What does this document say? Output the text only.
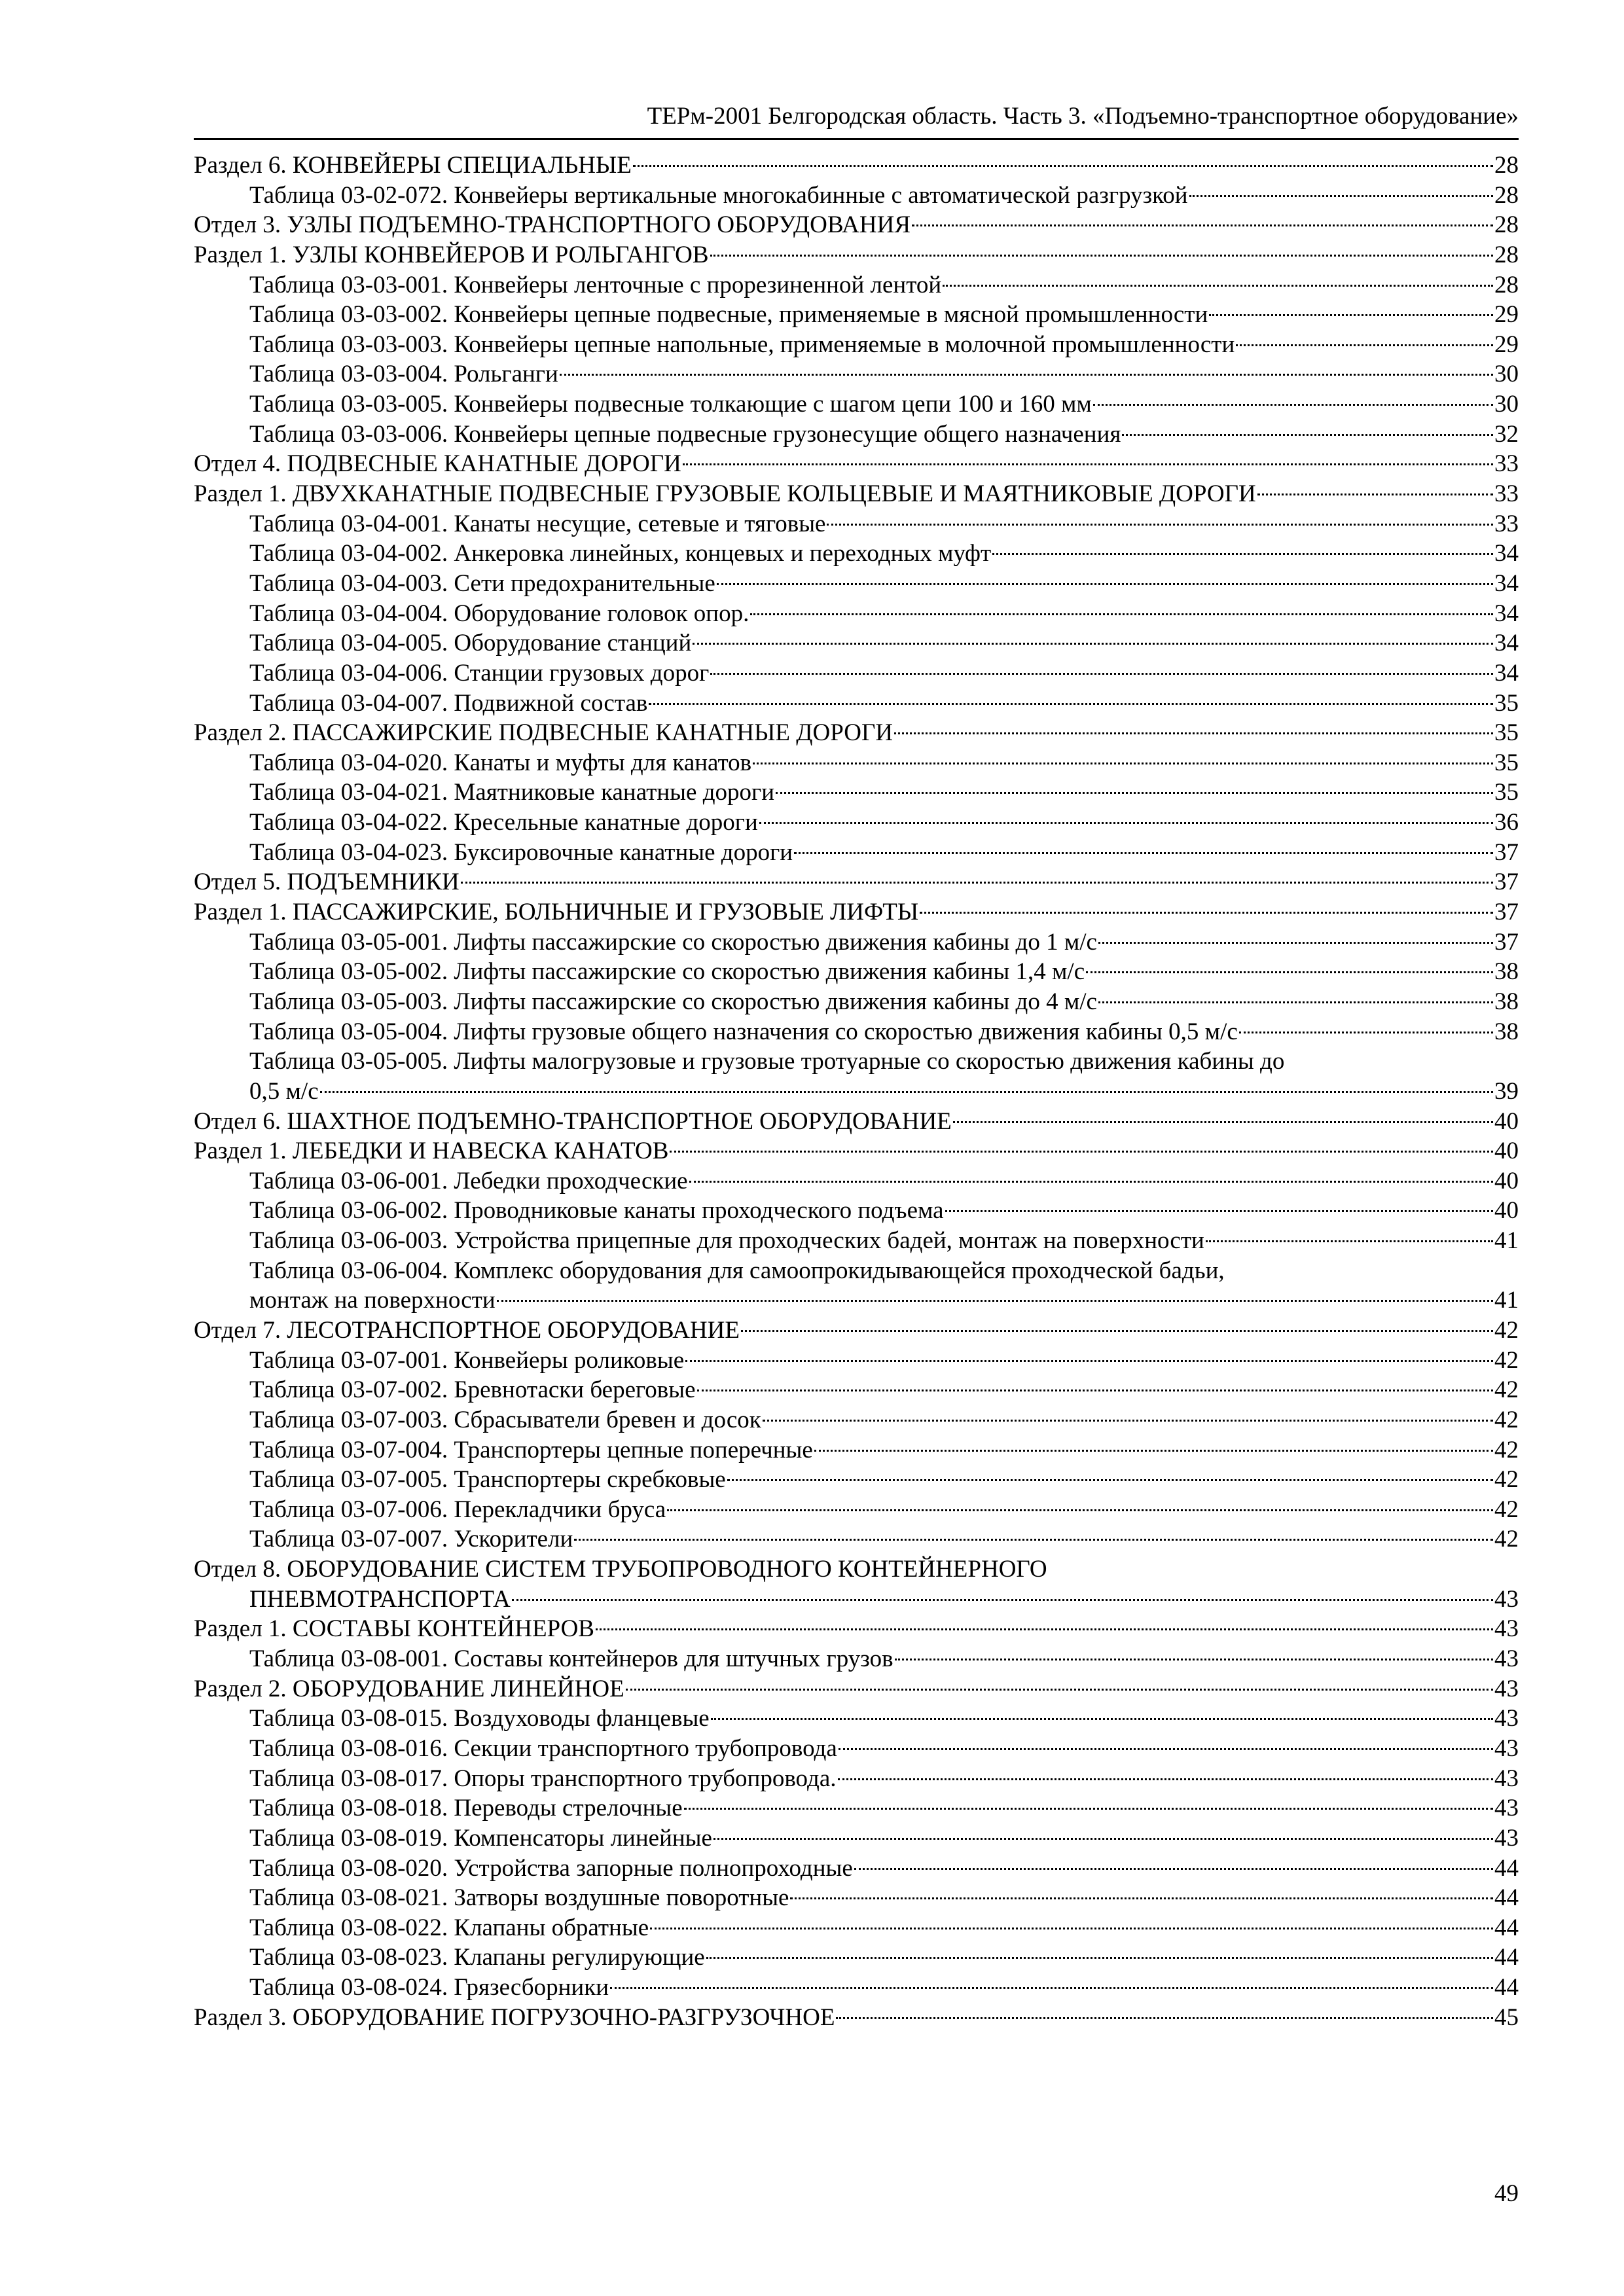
ТЕРм-2001 Белгородская область. Часть 3. «Подъемно-транспортное оборудование»
Раздел 6. КОНВЕЙЕРЫ СПЕЦИАЛЬНЫЕ	28
Таблица 03-02-072. Конвейеры вертикальные многокабинные с автоматической разгрузкой	28
Отдел 3. УЗЛЫ ПОДЪЕМНО-ТРАНСПОРТНОГО ОБОРУДОВАНИЯ	28
Раздел 1. УЗЛЫ КОНВЕЙЕРОВ И РОЛЬГАНГОВ	28
Таблица 03-03-001. Конвейеры ленточные с прорезиненной лентой	28
Таблица 03-03-002. Конвейеры цепные подвесные, применяемые в мясной промышленности	29
Таблица 03-03-003. Конвейеры цепные напольные, применяемые в молочной промышленности	29
Таблица 03-03-004. Рольганги	30
Таблица 03-03-005. Конвейеры подвесные толкающие с шагом цепи 100 и 160 мм	30
Таблица 03-03-006. Конвейеры цепные подвесные грузонесущие общего назначения	32
Отдел 4. ПОДВЕСНЫЕ КАНАТНЫЕ ДОРОГИ	33
Раздел 1. ДВУХКАНАТНЫЕ ПОДВЕСНЫЕ ГРУЗОВЫЕ КОЛЬЦЕВЫЕ И МАЯТНИКОВЫЕ ДОРОГИ	33
Таблица 03-04-001. Канаты несущие, сетевые и тяговые	33
Таблица 03-04-002. Анкеровка линейных, концевых и переходных муфт	34
Таблица 03-04-003. Сети предохранительные	34
Таблица 03-04-004. Оборудование головок опор.	34
Таблица 03-04-005. Оборудование станций	34
Таблица 03-04-006. Станции грузовых дорог	34
Таблица 03-04-007. Подвижной состав	35
Раздел 2. ПАССАЖИРСКИЕ ПОДВЕСНЫЕ КАНАТНЫЕ ДОРОГИ	35
Таблица 03-04-020. Канаты и муфты для канатов	35
Таблица 03-04-021. Маятниковые канатные дороги	35
Таблица 03-04-022. Кресельные канатные дороги	36
Таблица 03-04-023. Буксировочные канатные дороги	37
Отдел 5. ПОДЪЕМНИКИ	37
Раздел 1. ПАССАЖИРСКИЕ, БОЛЬНИЧНЫЕ И ГРУЗОВЫЕ ЛИФТЫ	37
Таблица 03-05-001. Лифты пассажирские со скоростью движения кабины до 1 м/с	37
Таблица 03-05-002. Лифты пассажирские со скоростью движения кабины 1,4 м/с	38
Таблица 03-05-003. Лифты пассажирские со скоростью движения кабины до 4 м/с	38
Таблица 03-05-004. Лифты грузовые общего назначения со скоростью движения кабины 0,5 м/с	38
Таблица 03-05-005. Лифты малогрузовые и грузовые тротуарные со скоростью движения кабины до
0,5 м/с	39
Отдел 6. ШАХТНОЕ ПОДЪЕМНО-ТРАНСПОРТНОЕ ОБОРУДОВАНИЕ	40
Раздел 1. ЛЕБЕДКИ И НАВЕСКА КАНАТОВ	40
Таблица 03-06-001. Лебедки проходческие	40
Таблица 03-06-002. Проводниковые канаты проходческого подъема	40
Таблица 03-06-003. Устройства прицепные для проходческих бадей, монтаж на поверхности	41
Таблица 03-06-004. Комплекс оборудования для самоопрокидывающейся проходческой бадьи,
монтаж на поверхности	41
Отдел 7. ЛЕСОТРАНСПОРТНОЕ ОБОРУДОВАНИЕ	42
Таблица 03-07-001. Конвейеры роликовые	42
Таблица 03-07-002. Бревнотаски береговые	42
Таблица 03-07-003. Сбрасыватели бревен и досок	42
Таблица 03-07-004. Транспортеры цепные поперечные	42
Таблица 03-07-005. Транспортеры скребковые	42
Таблица 03-07-006. Перекладчики бруса	42
Таблица 03-07-007. Ускорители	42
Отдел 8. ОБОРУДОВАНИЕ СИСТЕМ ТРУБОПРОВОДНОГО КОНТЕЙНЕРНОГО
ПНЕВМОТРАНСПОРТА	43
Раздел 1. СОСТАВЫ КОНТЕЙНЕРОВ	43
Таблица 03-08-001. Составы контейнеров для штучных грузов	43
Раздел 2. ОБОРУДОВАНИЕ ЛИНЕЙНОЕ	43
Таблица 03-08-015. Воздуховоды фланцевые	43
Таблица 03-08-016. Секции транспортного трубопровода	43
Таблица 03-08-017. Опоры транспортного трубопровода.	43
Таблица 03-08-018. Переводы стрелочные	43
Таблица 03-08-019. Компенсаторы линейные	43
Таблица 03-08-020. Устройства запорные полнопроходные	44
Таблица 03-08-021. Затворы воздушные поворотные	44
Таблица 03-08-022. Клапаны обратные	44
Таблица 03-08-023. Клапаны регулирующие	44
Таблица 03-08-024. Грязесборники	44
Раздел 3. ОБОРУДОВАНИЕ ПОГРУЗОЧНО-РАЗГРУЗОЧНОЕ	45
49
